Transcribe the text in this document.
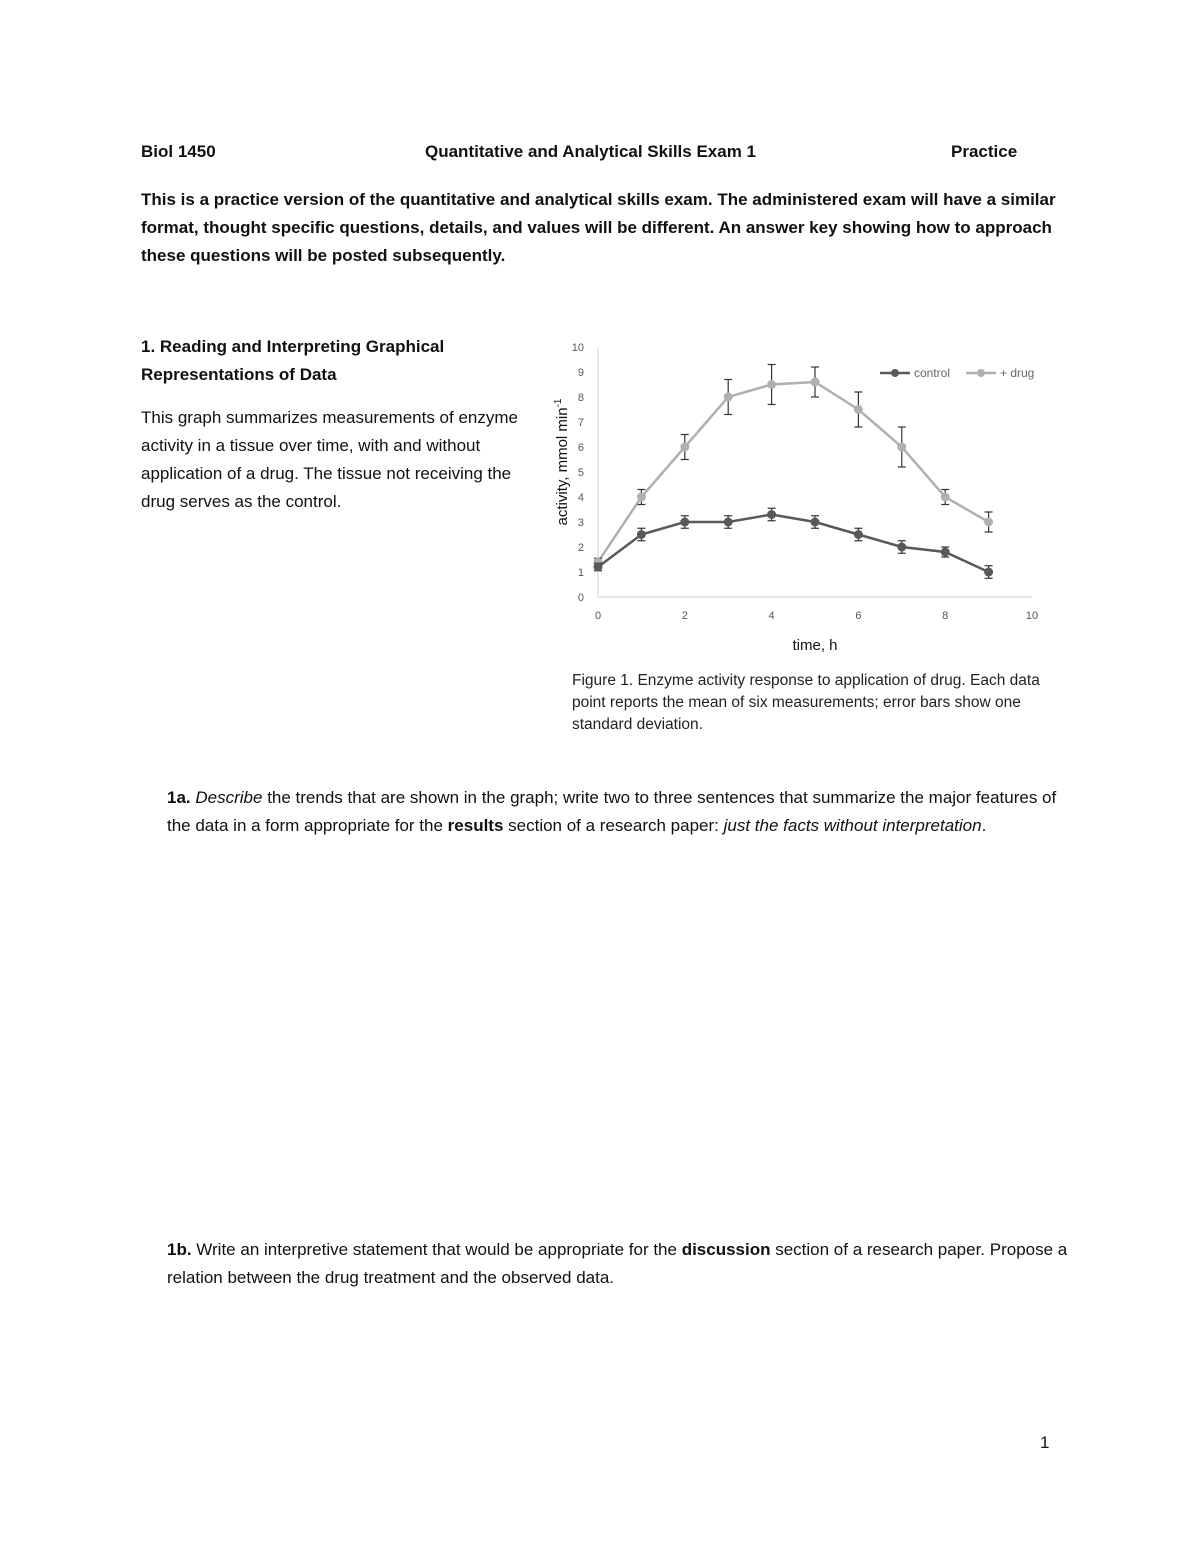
Biol 1450	Quantitative and Analytical Skills Exam 1	Practice
This is a practice version of the quantitative and analytical skills exam. The administered exam will have a similar format, thought specific questions, details, and values will be different. An answer key showing how to approach these questions will be posted subsequently.
1. Reading and Interpreting Graphical Representations of Data
This graph summarizes measurements of enzyme activity in a tissue over time, with and without application of a drug. The tissue not receiving the drug serves as the control.
0
1
2
3
4
5
6
7
8
9
10
0	2	4	6	8	10
time, h
activity, mmol $\min^{-1}$
control	+ drug
Figure 1. Enzyme activity response to application of drug. Each data point reports the mean of six measurements; error bars show one standard deviation.
1a. Describe the trends that are shown in the graph; write two to three sentences that summarize the major features of the data in a form appropriate for the results section of a research paper: just the facts without interpretation.
1b. Write an interpretive statement that would be appropriate for the discussion section of a research paper. Propose a relation between the drug treatment and the observed data.
1
